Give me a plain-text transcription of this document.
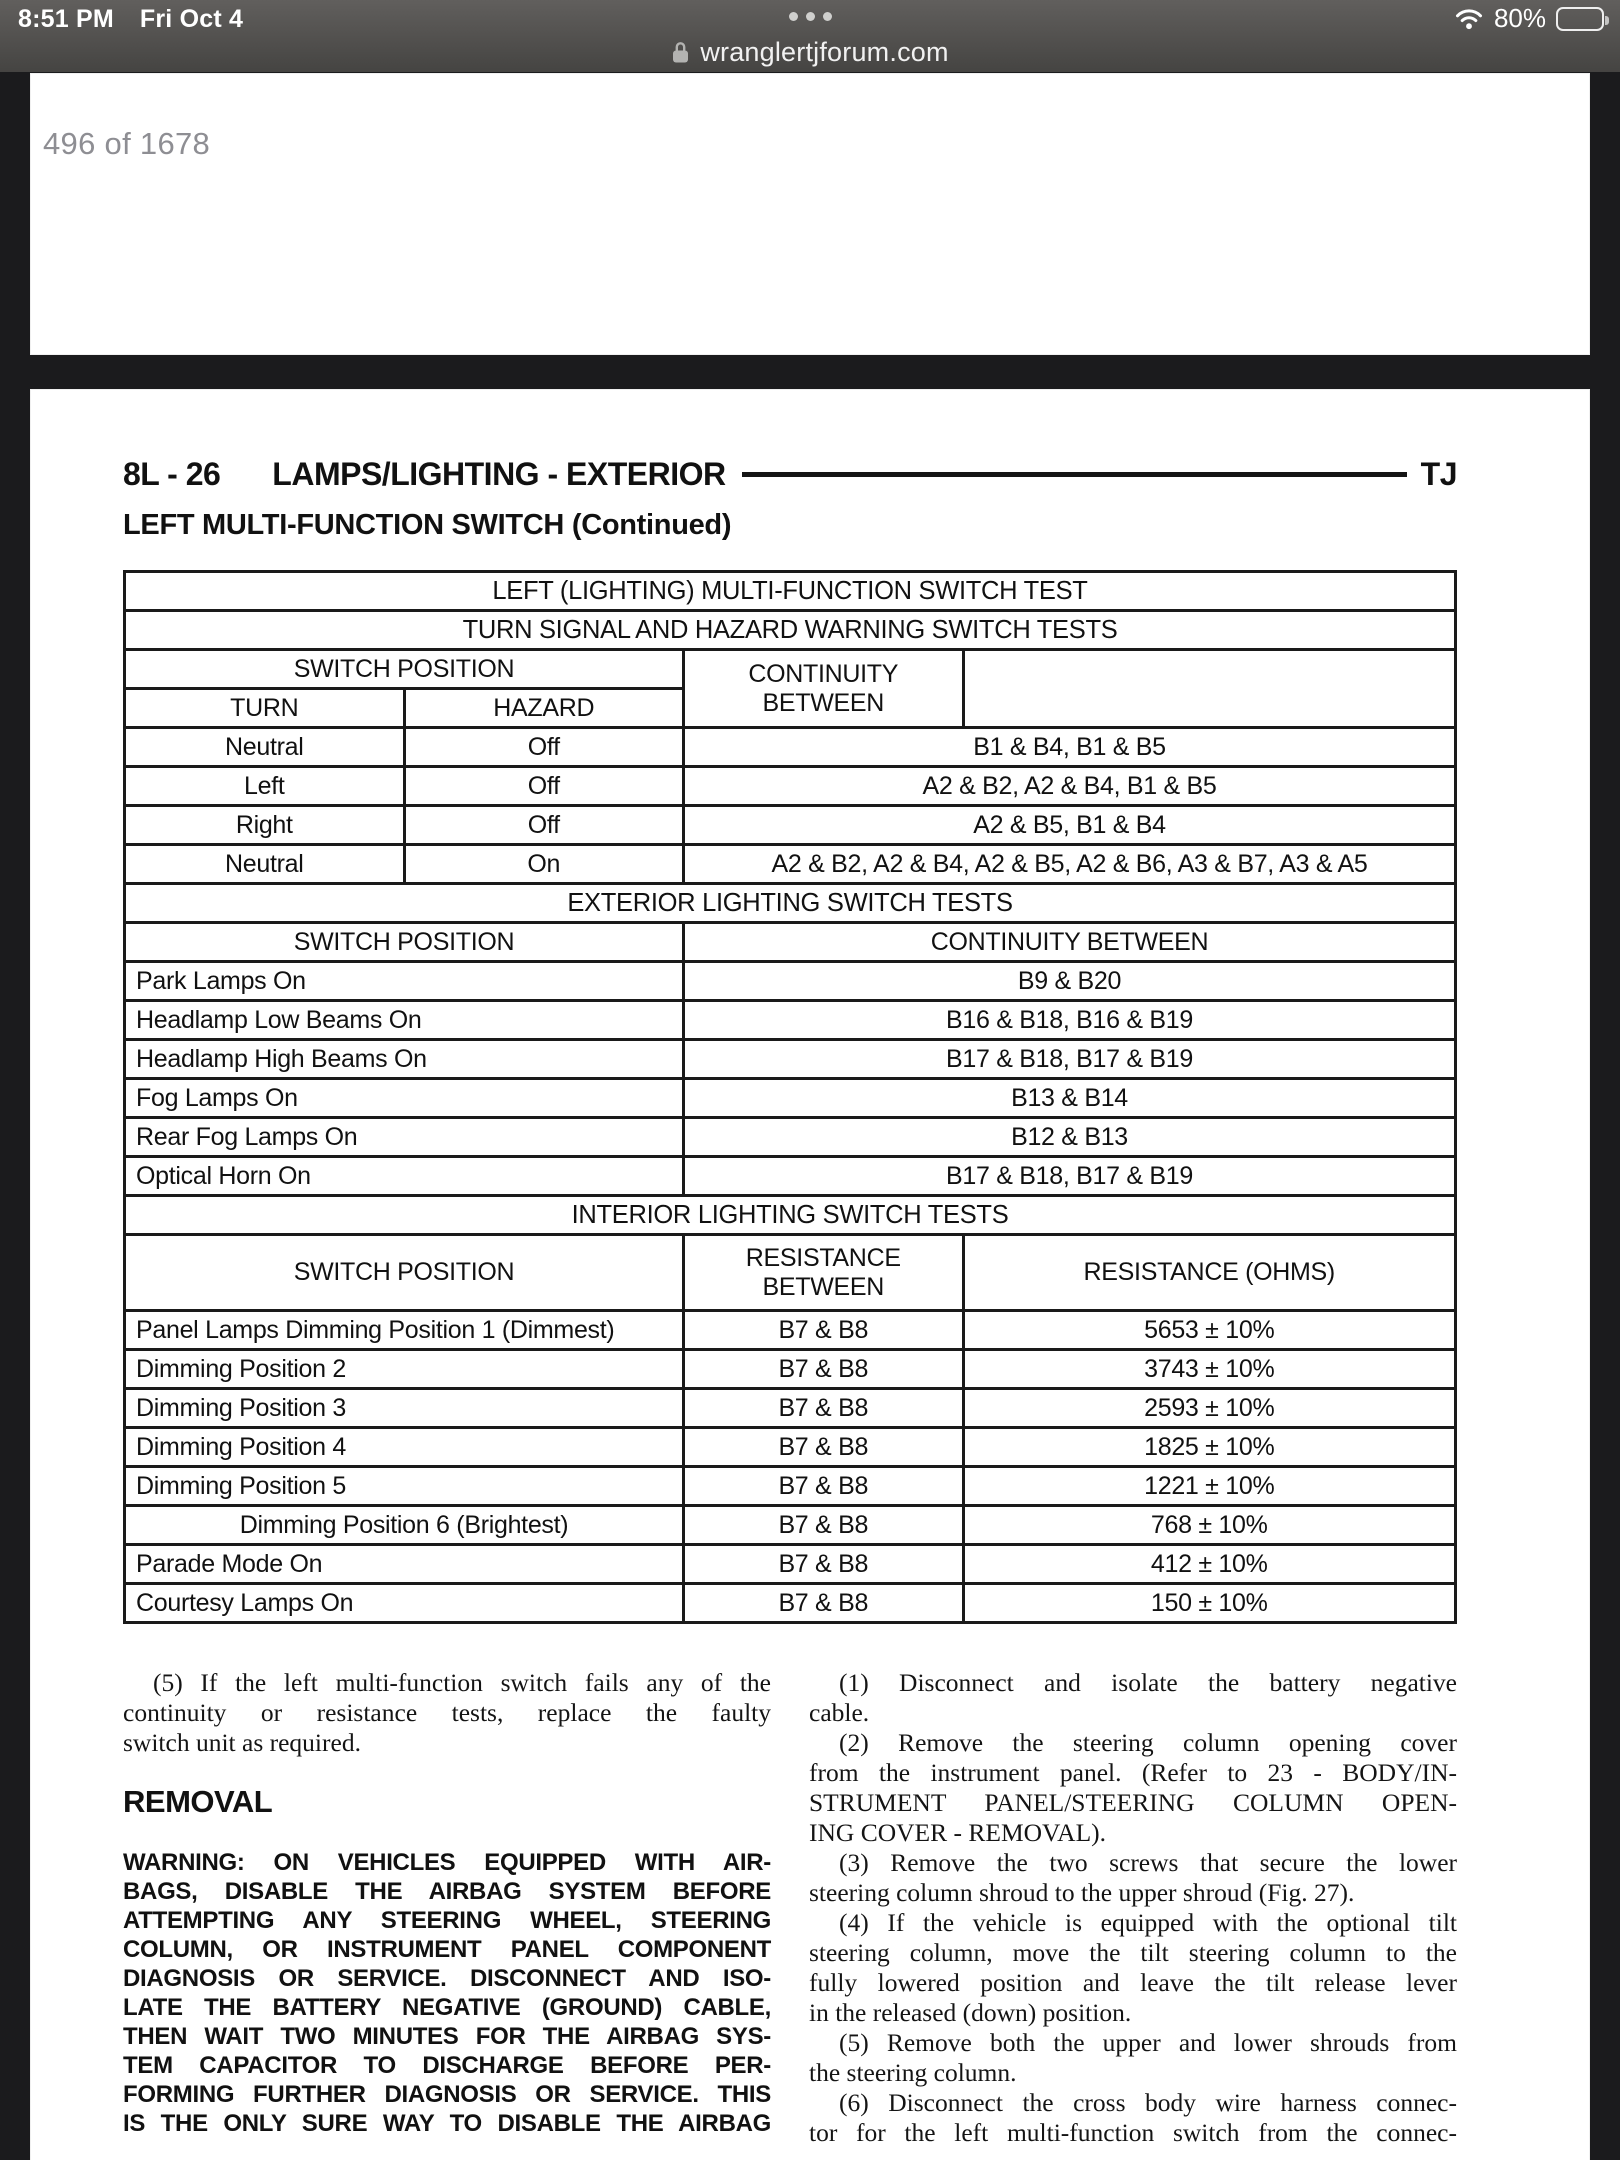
8:51 PM Fri Oct 4	80%
wranglertjforum.com
496 of 1678
8L - 26 LAMPS/LIGHTING - EXTERIOR	TJ
LEFT MULTI-FUNCTION SWITCH (Continued)
LEFT (LIGHTING) MULTI-FUNCTION SWITCH TEST			
TURN SIGNAL AND HAZARD WARNING SWITCH TESTS			
SWITCH POSITION		CONTINUITY BETWEEN	
TURN	HAZARD		
Neutral	Off	B1 & B4, B1 & B5	
Left	Off	A2 & B2, A2 & B4, B1 & B5	
Right	Off	A2 & B5, B1 & B4	
Neutral	On	A2 & B2, A2 & B4, A2 & B5, A2 & B6, A3 & B7, A3 & A5	
EXTERIOR LIGHTING SWITCH TESTS			
SWITCH POSITION		CONTINUITY BETWEEN	
Park Lamps On		B9 & B20	
Headlamp Low Beams On		B16 & B18, B16 & B19	
Headlamp High Beams On		B17 & B18, B17 & B19	
Fog Lamps On		B13 & B14	
Rear Fog Lamps On		B12 & B13	
Optical Horn On		B17 & B18, B17 & B19	
INTERIOR LIGHTING SWITCH TESTS			
SWITCH POSITION		RESISTANCE BETWEEN	RESISTANCE (OHMS)
Panel Lamps Dimming Position 1 (Dimmest)		B7 & B8	5653 ± 10%
Dimming Position 2		B7 & B8	3743 ± 10%
Dimming Position 3		B7 & B8	2593 ± 10%
Dimming Position 4		B7 & B8	1825 ± 10%
Dimming Position 5		B7 & B8	1221 ± 10%
Dimming Position 6 (Brightest)		B7 & B8	768 ± 10%
Parade Mode On		B7 & B8	412 ± 10%
Courtesy Lamps On		B7 & B8	150 ± 10%
(5) If the left multi-function switch fails any of the
continuity or resistance tests, replace the faulty
switch unit as required.
REMOVAL
WARNING: ON VEHICLES EQUIPPED WITH AIR-
BAGS, DISABLE THE AIRBAG SYSTEM BEFORE
ATTEMPTING ANY STEERING WHEEL, STEERING
COLUMN, OR INSTRUMENT PANEL COMPONENT
DIAGNOSIS OR SERVICE. DISCONNECT AND ISO-
LATE THE BATTERY NEGATIVE (GROUND) CABLE,
THEN WAIT TWO MINUTES FOR THE AIRBAG SYS-
TEM CAPACITOR TO DISCHARGE BEFORE PER-
FORMING FURTHER DIAGNOSIS OR SERVICE. THIS
IS THE ONLY SURE WAY TO DISABLE THE AIRBAG
(1) Disconnect and isolate the battery negative
cable.
(2) Remove the steering column opening cover
from the instrument panel. (Refer to 23 - BODY/IN-
STRUMENT PANEL/STEERING COLUMN OPEN-
ING COVER - REMOVAL).
(3) Remove the two screws that secure the lower
steering column shroud to the upper shroud (Fig. 27).
(4) If the vehicle is equipped with the optional tilt
steering column, move the tilt steering column to the
fully lowered position and leave the tilt release lever
in the released (down) position.
(5) Remove both the upper and lower shrouds from
the steering column.
(6) Disconnect the cross body wire harness connec-
tor for the left multi-function switch from the connec-
